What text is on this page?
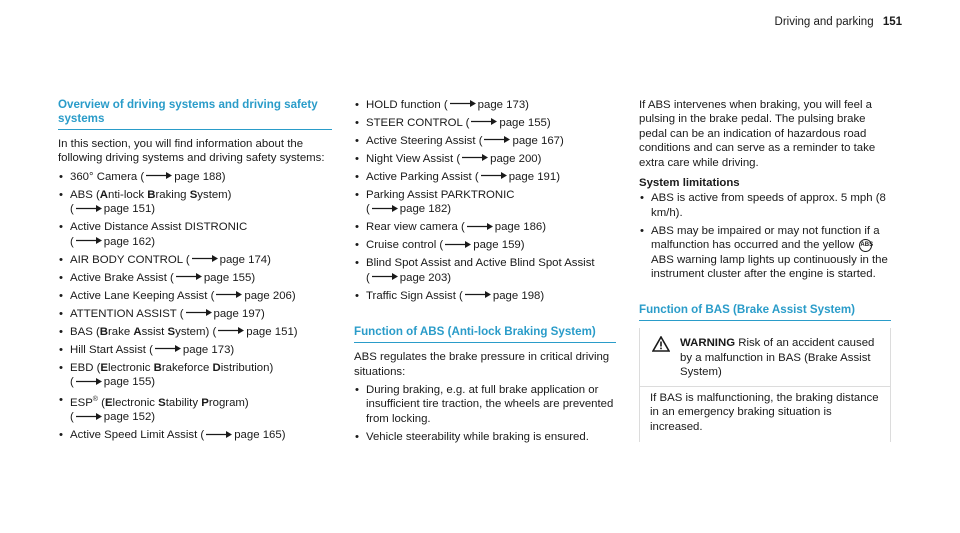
Driving and parking 151
Overview of driving systems and driving safety systems

In this section, you will find information about the following driving systems and driving safety systems:

• 360° Camera (	page 188)
• ABS (Anti-lock Braking System)
(	page 151)
• Active Distance Assist DISTRONIC
(	page 162)
• AIR BODY CONTROL (	page 174)
• Active Brake Assist (	page 155)
• Active Lane Keeping Assist (	page 206)
• ATTENTION ASSIST (	page 197)
• BAS (Brake Assist System) (	page 151)
• Hill Start Assist (	page 173)
• EBD (Electronic Brakeforce Distribution)
(	page 155)
• ESP® (Electronic Stability Program)
(	page 152)
• Active Speed Limit Assist (	page 165)
• HOLD function (	page 173)
• STEER CONTROL (	page 155)
• Active Steering Assist (	page 167)
• Night View Assist (	page 200)
• Active Parking Assist (	page 191)
• Parking Assist PARKTRONIC
(	page 182)
• Rear view camera (	page 186)
• Cruise control (	page 159)
• Blind Spot Assist and Active Blind Spot Assist
(	page 203)
• Traffic Sign Assist (	page 198)
Function of ABS (Anti-lock Braking System)

ABS regulates the brake pressure in critical driving situations:

• During braking, e.g. at full brake application or insufficient tire traction, the wheels are prevented from locking.
• Vehicle steerability while braking is ensured.

If ABS intervenes when braking, you will feel a pulsing in the brake pedal. The pulsing brake pedal can be an indication of hazardous road conditions and can serve as a reminder to take extra care while driving.

System limitations
• ABS is active from speeds of approx. 5 mph (8 km/h).
• ABS may be impaired or may not function if a malfunction has occurred and the yellow ABS ABS warning lamp lights up continuously in the instrument cluster after the engine is started.
Function of BAS (Brake Assist System)
WARNING Risk of an accident caused by a malfunction in BAS (Brake Assist System)

If BAS is malfunctioning, the braking distance in an emergency braking situation is increased.
